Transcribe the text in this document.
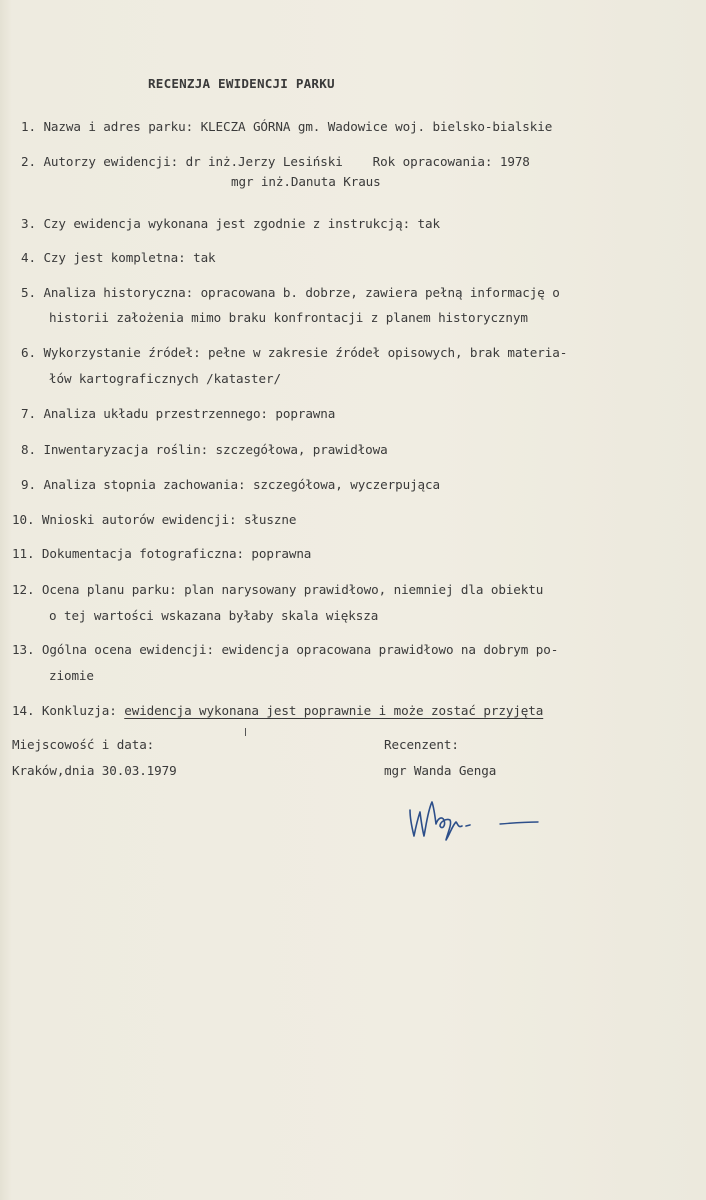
RECENZJA EWIDENCJI PARKU
1. Nazwa i adres parku: KLECZA GÓRNA gm. Wadowice woj. bielsko-bialskie
2. Autorzy ewidencji: dr inż.Jerzy Lesiński    Rok opracowania: 1978
mgr inż.Danuta Kraus
3. Czy ewidencja wykonana jest zgodnie z instrukcją: tak
4. Czy jest kompletna: tak
5. Analiza historyczna: opracowana b. dobrze, zawiera pełną informację o
historii założenia mimo braku konfrontacji z planem historycznym
6. Wykorzystanie źródeł: pełne w zakresie źródeł opisowych, brak materia-
łów kartograficznych /kataster/
7. Analiza układu przestrzennego: poprawna
8. Inwentaryzacja roślin: szczegółowa, prawidłowa
9. Analiza stopnia zachowania: szczegółowa, wyczerpująca
10. Wnioski autorów ewidencji: słuszne
11. Dokumentacja fotograficzna: poprawna
12. Ocena planu parku: plan narysowany prawidłowo, niemniej dla obiektu
o tej wartości wskazana byłaby skala większa
13. Ogólna ocena ewidencji: ewidencja opracowana prawidłowo na dobrym po-
ziomie
14. Konkluzja: ewidencja wykonana jest poprawnie i może zostać przyjęta
Miejscowość i data:
Kraków,dnia 30.03.1979
Recenzent:
mgr Wanda Genga
